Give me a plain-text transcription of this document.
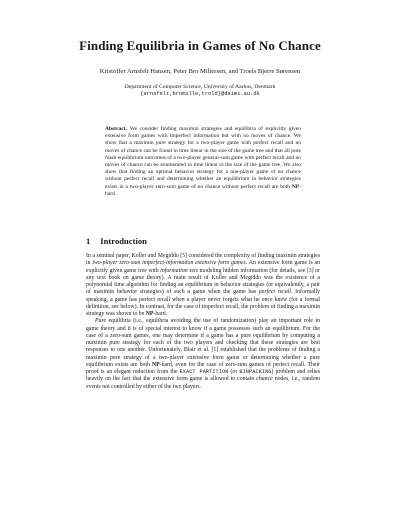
Finding Equilibria in Games of No Chance
Kristoffer Arnsfelt Hansen, Peter Bro Miltersen, and Troels Bjerre Sørensen
Department of Computer Science, University of Aarhus, Denmark
{arnsfelt,bromille,trold}@daimi.au.dk
Abstract. We consider finding maximin strategies and equilibria of explicitly given extensive form games with imperfect information but with no moves of chance. We show that a maximin pure strategy for a two-player game with perfect recall and no moves of chance can be found in time linear in the size of the game tree and that all pure Nash equilibrium outcomes of a two-player general-sum game with perfect recall and no moves of chance can be enumerated in time linear in the size of the game tree. We also show that finding an optimal behavior strategy for a one-player game of no chance without perfect recall and determining whether an equilibrium in behavior strategies exists in a two-player zero-sum game of no chance without perfect recall are both NP-hard.
1 Introduction

In a seminal paper, Koller and Megiddo [5] considered the complexity of finding maximin strategies in two-player zero-sum imperfect-information extensive form games. An extensive form game is an explicitly given game tree with information sets modeling hidden information (for details, see [3] or any text book on game theory). A main result of Koller and Megiddo was the existence of a polynomial time algorithm for finding an equilibrium in behavior strategies (or equivalently, a pair of maximin behavior strategies) of such a game when the game has perfect recall. Informally speaking, a game has perfect recall when a player never forgets what he once knew (for a formal definition, see below). In contrast, for the case of imperfect recall, the problem of finding a maximin strategy was shown to be NP-hard.

Pure equilibria (i.e., equilibria avoiding the use of randomization) play an important role in game theory and it is of special interest to know if a game possesses such an equilibrium. For the case of a zero-sum games, one may determine if a game has a pure equilibrium by computing a maximin pure strategy for each of the two players and checking that these strategies are best responses to one another. Unfortunately, Blair et al. [1] established that the problems of finding a maximin pure strategy of a two-player extensive form game or determining whether a pure equilibrium exists are both NP-hard, even for the case of zero-sum games of perfect recall. Their proof is an elegant reduction from the EXACT PARTITION (or BINPACKING) problem and relies heavily on the fact that the extensive form game is allowed to contain chance nodes, i.e., random events not controlled by either of the two players.
